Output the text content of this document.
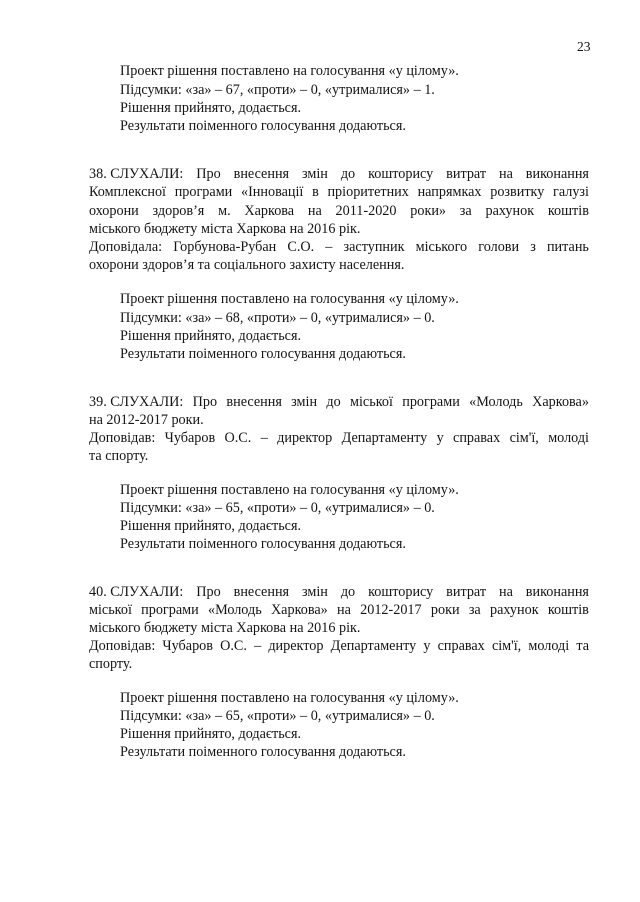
23
Проект рішення поставлено на голосування «у цілому».
Підсумки: «за» – 67, «проти» – 0, «утрималися» – 1.
Рішення прийнято, додається.
Результати поіменного голосування додаються.
38. СЛУХАЛИ: Про внесення змін до кошторису витрат на виконання
Комплексної програми «Інновації в пріоритетних напрямках розвитку галузі
охорони здоров’я м. Харкова на 2011-2020 роки» за рахунок коштів
міського бюджету міста Харкова на 2016 рік.
Доповідала: Горбунова-Рубан С.О. – заступник міського голови з питань
охорони здоров’я та соціального захисту населення.
Проект рішення поставлено на голосування «у цілому».
Підсумки: «за» – 68, «проти» – 0, «утрималися» – 0.
Рішення прийнято, додається.
Результати поіменного голосування додаються.
39. СЛУХАЛИ: Про внесення змін до міської програми «Молодь Харкова»
на 2012-2017 роки.
Доповідав: Чубаров О.С. – директор Департаменту у справах сім'ї, молоді
та спорту.
Проект рішення поставлено на голосування «у цілому».
Підсумки: «за» – 65, «проти» – 0, «утрималися» – 0.
Рішення прийнято, додається.
Результати поіменного голосування додаються.
40. СЛУХАЛИ: Про внесення змін до кошторису витрат на виконання
міської програми «Молодь Харкова» на 2012-2017 роки за рахунок коштів
міського бюджету міста Харкова на 2016 рік.
Доповідав: Чубаров О.С. – директор Департаменту у справах сім'ї, молоді та
спорту.
Проект рішення поставлено на голосування «у цілому».
Підсумки: «за» – 65, «проти» – 0, «утрималися» – 0.
Рішення прийнято, додається.
Результати поіменного голосування додаються.
